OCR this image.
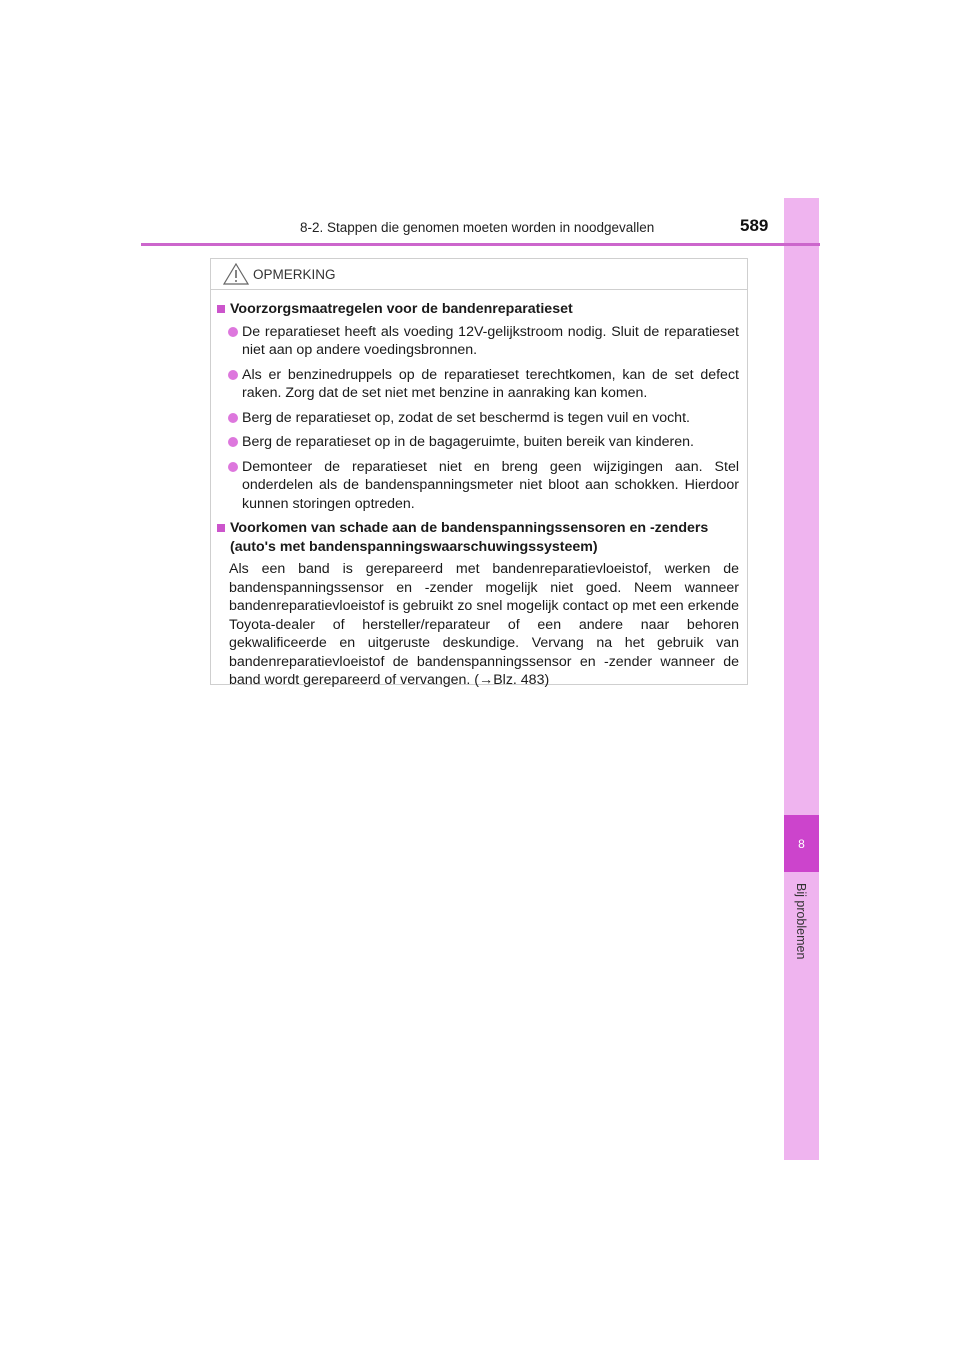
8
Bij problemen
8-2. Stappen die genomen moeten worden in noodgevallen	589
OPMERKING
Voorzorgsmaatregelen voor de bandenreparatieset
De reparatieset heeft als voeding 12V-gelijkstroom nodig. Sluit de reparatieset niet aan op andere voedingsbronnen.
Als er benzinedruppels op de reparatieset terechtkomen, kan de set defect raken. Zorg dat de set niet met benzine in aanraking kan komen.
Berg de reparatieset op, zodat de set beschermd is tegen vuil en vocht.
Berg de reparatieset op in de bagageruimte, buiten bereik van kinderen.
Demonteer de reparatieset niet en breng geen wijzigingen aan. Stel onderdelen als de bandenspanningsmeter niet bloot aan schokken. Hierdoor kunnen storingen optreden.
Voorkomen van schade aan de bandenspanningssensoren en -zenders (auto's met bandenspanningswaarschuwingssysteem)
Als een band is gerepareerd met bandenreparatievloeistof, werken de bandenspanningssensor en -zender mogelijk niet goed. Neem wanneer bandenreparatievloeistof is gebruikt zo snel mogelijk contact op met een erkende Toyota-dealer of hersteller/reparateur of een andere naar behoren gekwalificeerde en uitgeruste deskundige. Vervang na het gebruik van bandenreparatievloeistof de bandenspanningssensor en -zender wanneer de band wordt gerepareerd of vervangen. (→Blz. 483)
